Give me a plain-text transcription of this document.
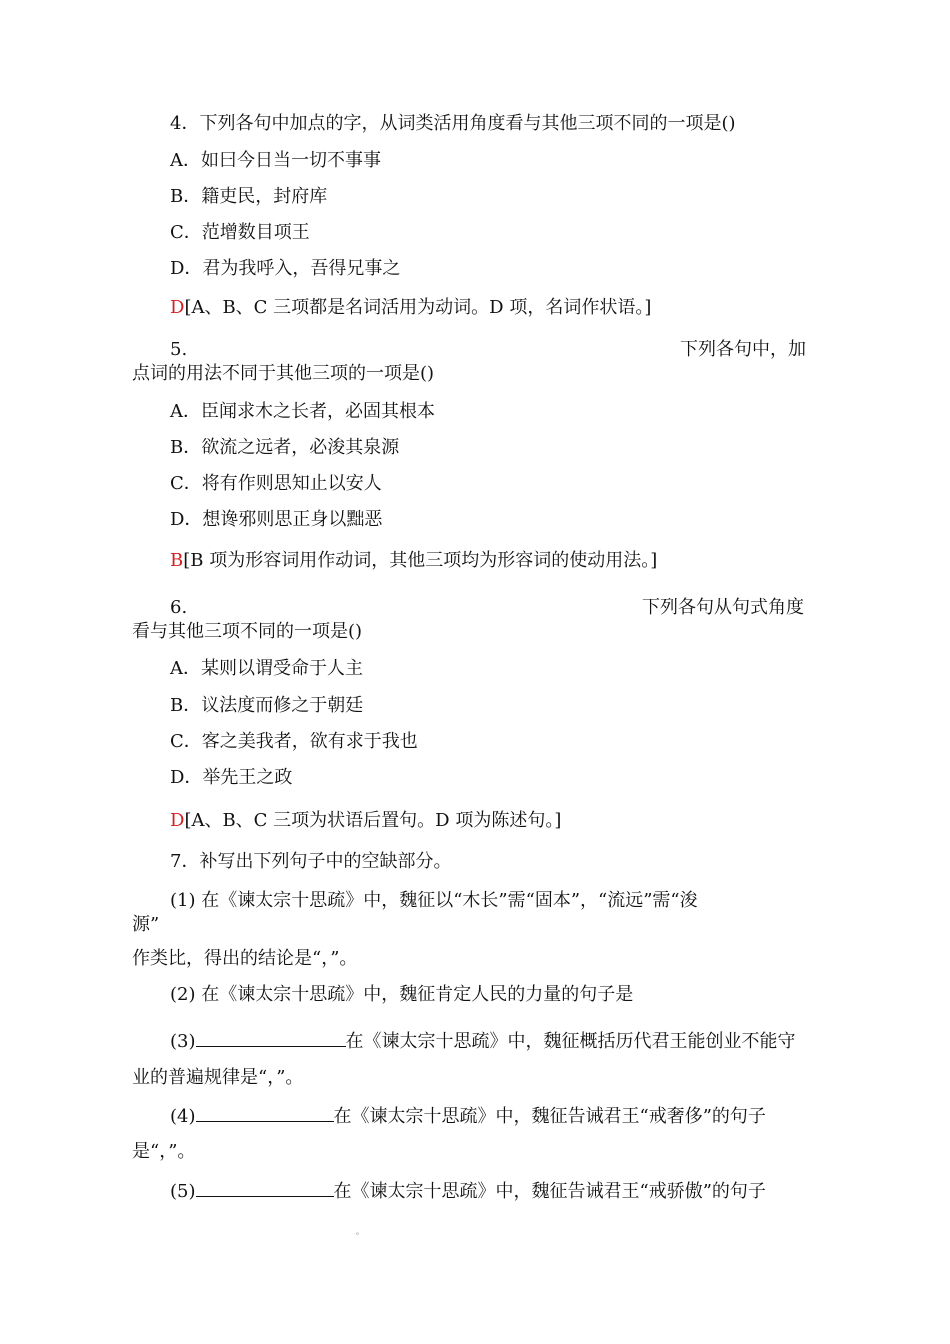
4．下列各句中加点的字，从词类活用角度看与其他三项不同的一项是()
A．如曰今日当一切不事事
B．籍吏民，封府库
C．范增数目项王
D．君为我呼入，吾得兄事之
D[A、B、C 三项都是名词活用为动词。D 项，名词作状语。]
5.	下列各句中，加
点词的用法不同于其他三项的一项是()
A．臣闻求木之长者，必固其根本
B．欲流之远者，必浚其泉源
C．将有作则思知止以安人
D．想谗邪则思正身以黜恶
B[B 项为形容词用作动词，其他三项均为形容词的使动用法。]
6.	下列各句从句式角度
看与其他三项不同的一项是()
A．某则以谓受命于人主
B．议法度而修之于朝廷
C．客之美我者，欲有求于我也
D．举先王之政
D[A、B、C 三项为状语后置句。D 项为陈述句。]
7．补写出下列句子中的空缺部分。
(1) 在《谏太宗十思疏》中，魏征以“木长”需“固本”，“流远”需“浚
源”
作类比，得出的结论是“，”。
(2) 在《谏太宗十思疏》中，魏征肯定人民的力量的句子是
(3)	在《谏太宗十思疏》中，魏征概括历代君王能创业不能守
业的普遍规律是“，”。
(4)	在《谏太宗十思疏》中，魏征告诫君王“戒奢侈”的句子
是“，”。
(5)	在《谏太宗十思疏》中，魏征告诫君王“戒骄傲”的句子
。
